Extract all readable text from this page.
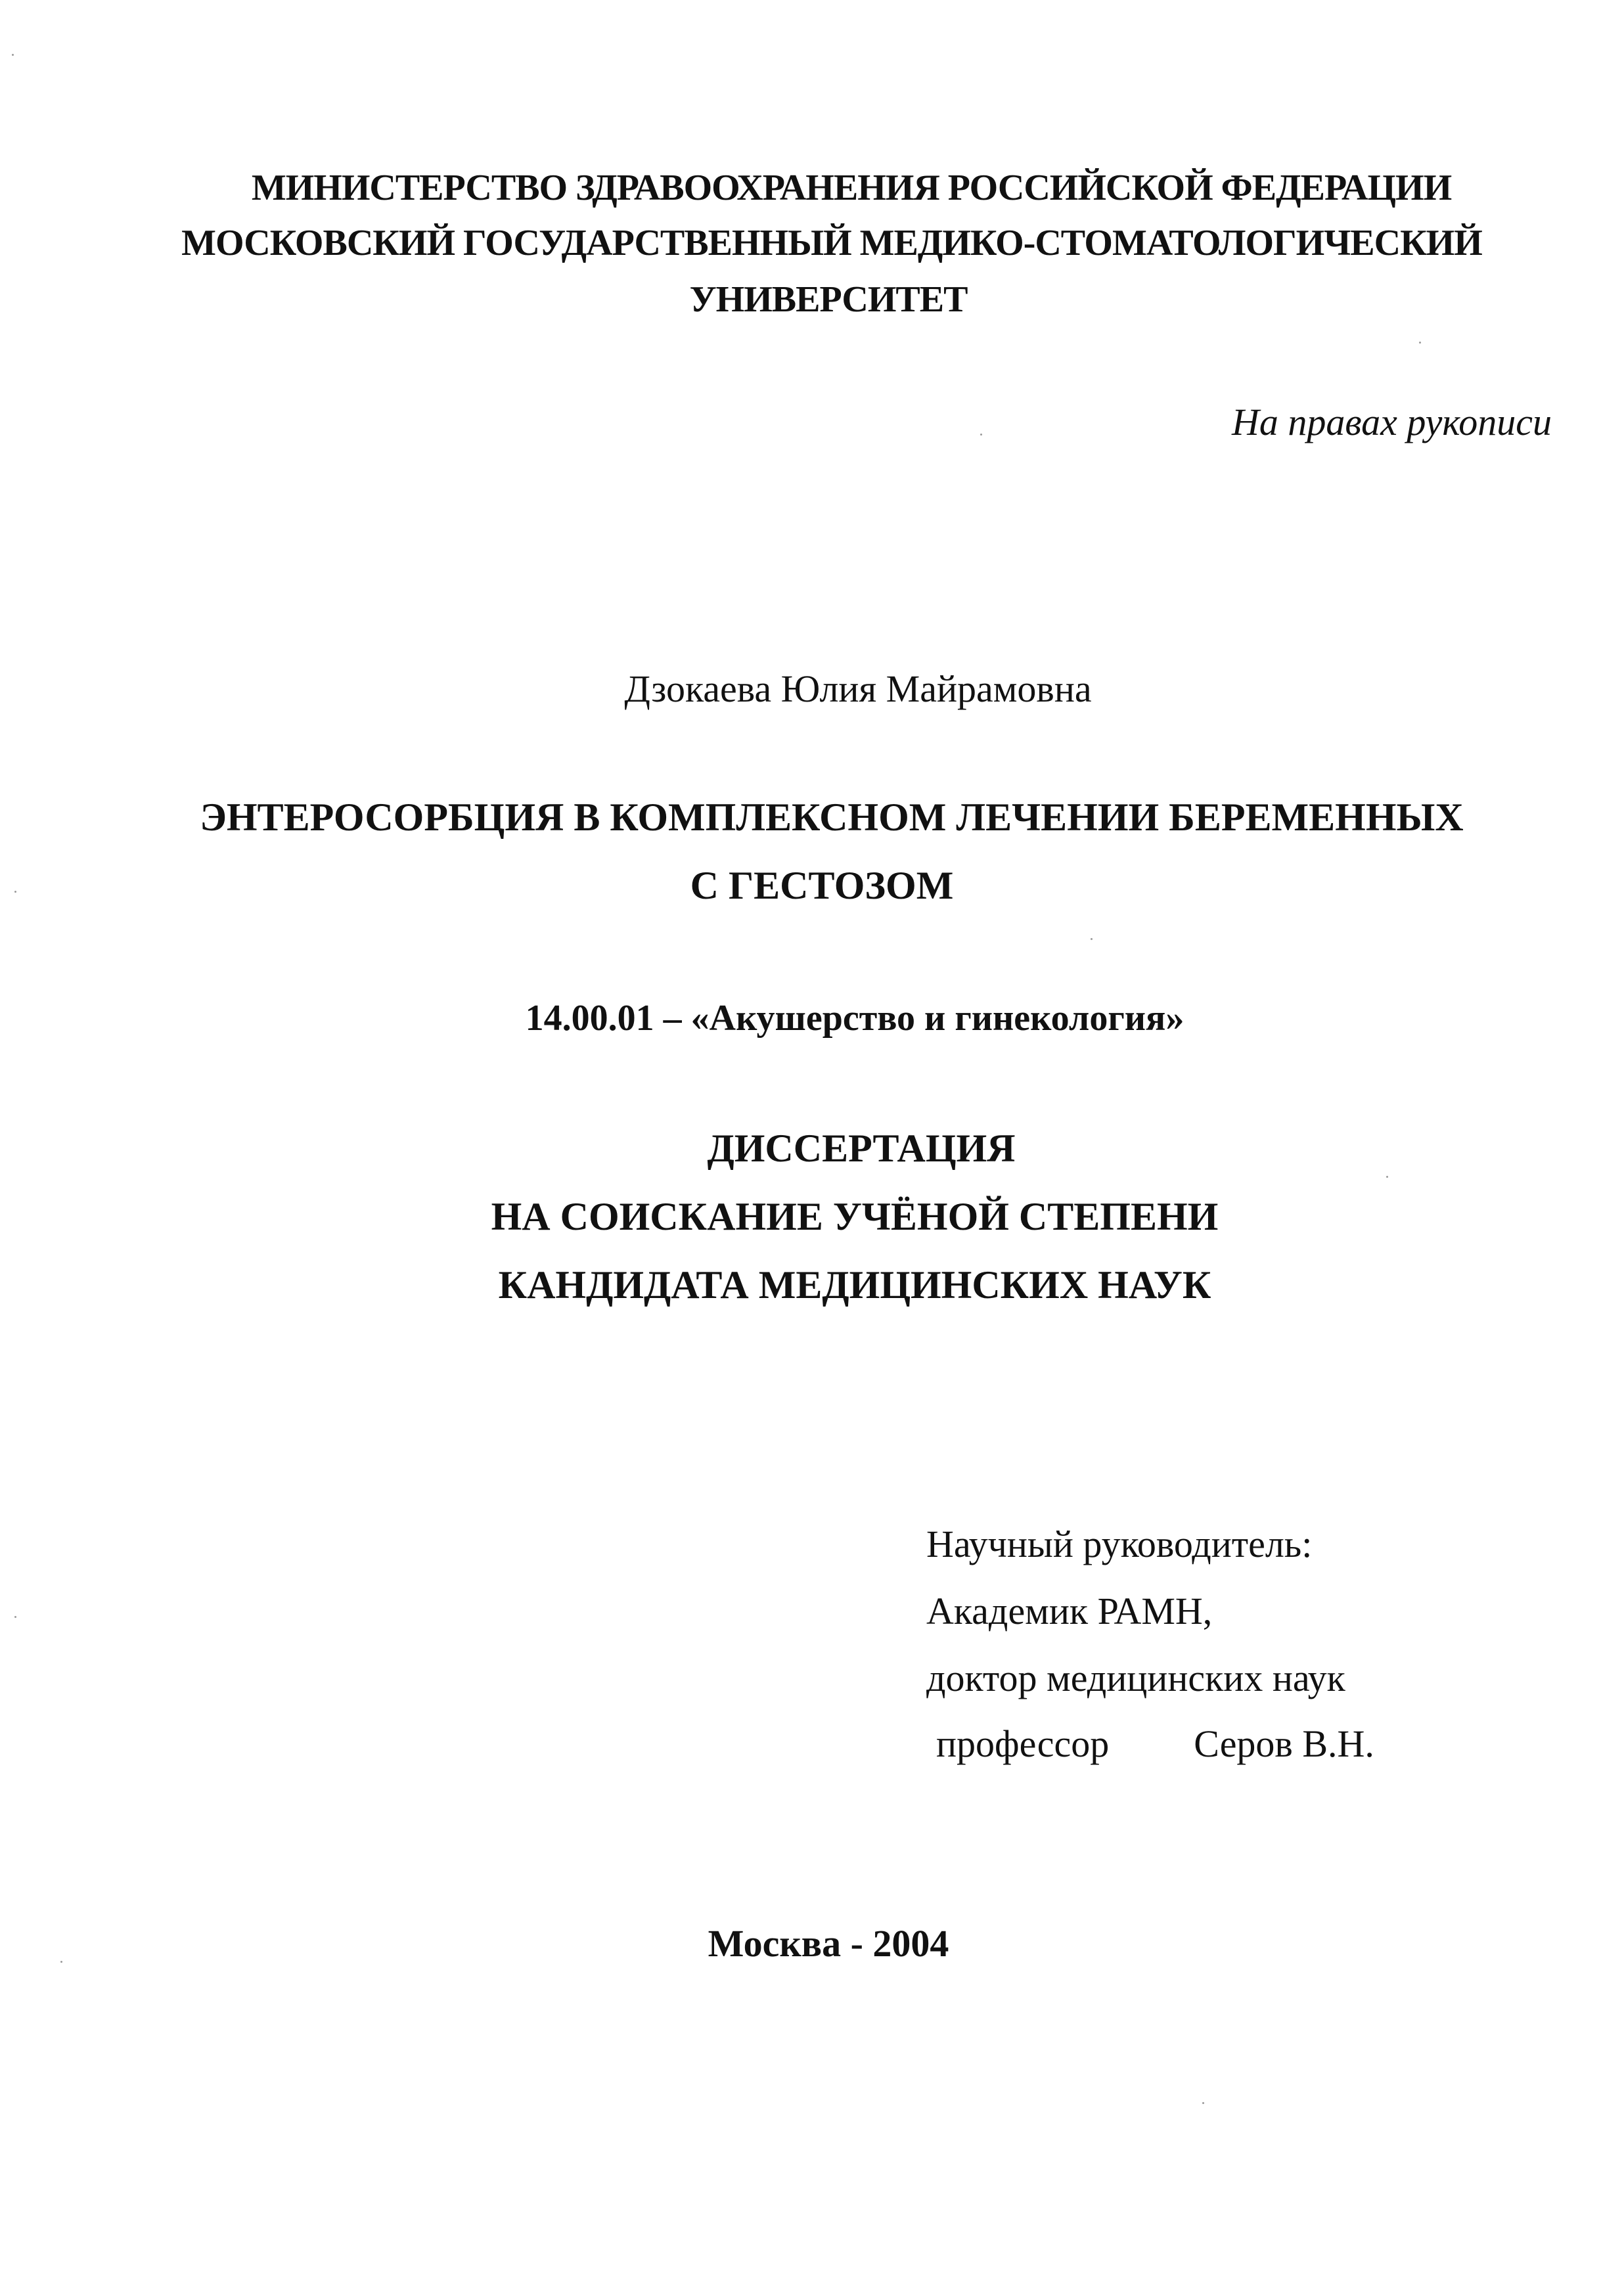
МИНИСТЕРСТВО ЗДРАВООХРАНЕНИЯ РОССИЙСКОЙ ФЕДЕРАЦИИ
МОСКОВСКИЙ ГОСУДАРСТВЕННЫЙ МЕДИКО-СТОМАТОЛОГИЧЕСКИЙ
УНИВЕРСИТЕТ
На правах рукописи
Дзокаева Юлия Майрамовна
ЭНТЕРОСОРБЦИЯ В КОМПЛЕКСНОМ ЛЕЧЕНИИ БЕРЕМЕННЫХ
С ГЕСТОЗОМ
14.00.01 – «Акушерство и гинекология»
ДИССЕРТАЦИЯ
НА СОИСКАНИЕ УЧЁНОЙ СТЕПЕНИ
КАНДИДАТА МЕДИЦИНСКИХ НАУК
Научный руководитель:
Академик РАМН,
доктор медицинских наук
профессор Серов В.Н.
Москва - 2004
